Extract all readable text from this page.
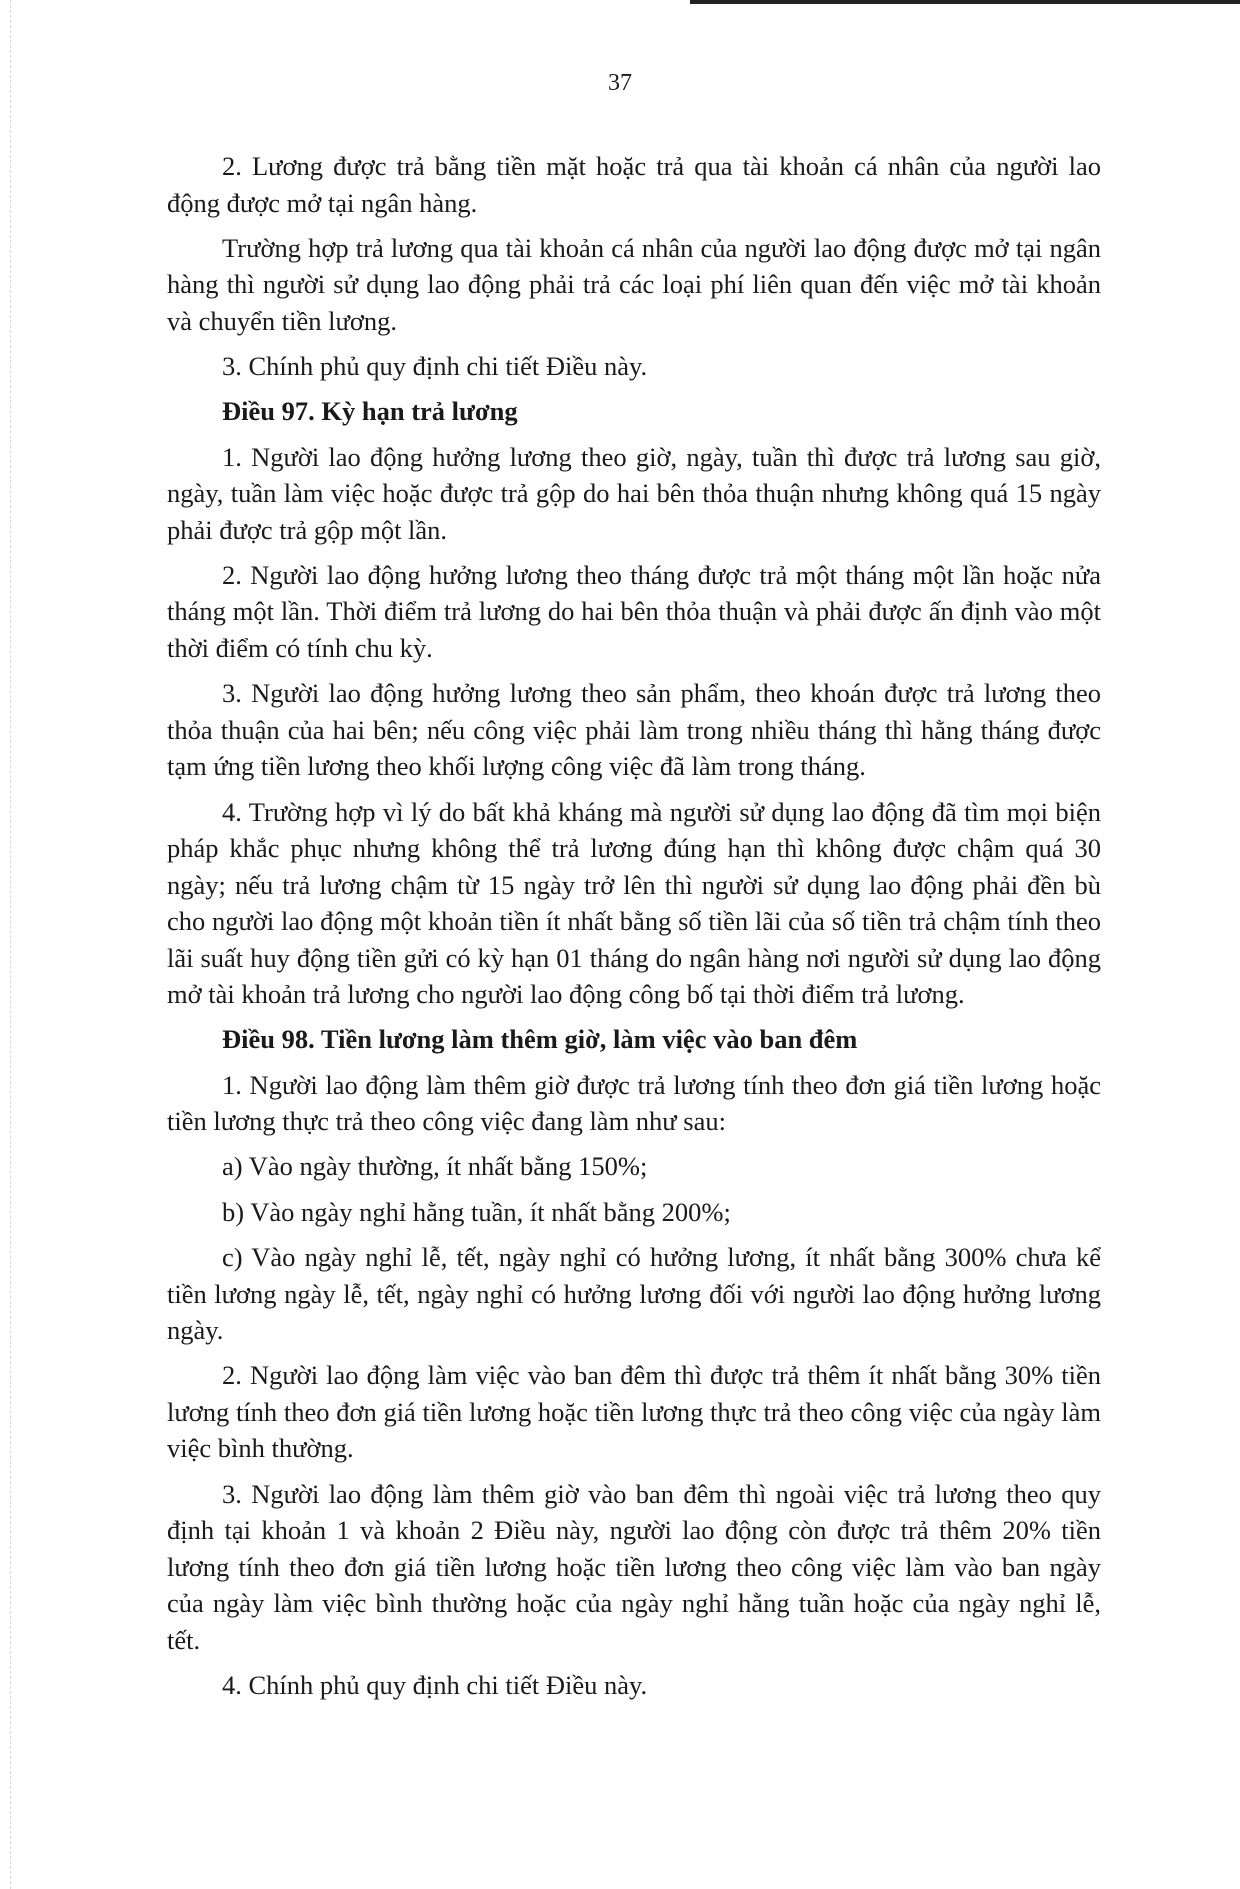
37

2. Lương được trả bằng tiền mặt hoặc trả qua tài khoản cá nhân của người lao động được mở tại ngân hàng.

Trường hợp trả lương qua tài khoản cá nhân của người lao động được mở tại ngân hàng thì người sử dụng lao động phải trả các loại phí liên quan đến việc mở tài khoản và chuyển tiền lương.

3. Chính phủ quy định chi tiết Điều này.

Điều 97. Kỳ hạn trả lương

1. Người lao động hưởng lương theo giờ, ngày, tuần thì được trả lương sau giờ, ngày, tuần làm việc hoặc được trả gộp do hai bên thỏa thuận nhưng không quá 15 ngày phải được trả gộp một lần.

2. Người lao động hưởng lương theo tháng được trả một tháng một lần hoặc nửa tháng một lần. Thời điểm trả lương do hai bên thỏa thuận và phải được ấn định vào một thời điểm có tính chu kỳ.

3. Người lao động hưởng lương theo sản phẩm, theo khoán được trả lương theo thỏa thuận của hai bên; nếu công việc phải làm trong nhiều tháng thì hằng tháng được tạm ứng tiền lương theo khối lượng công việc đã làm trong tháng.

4. Trường hợp vì lý do bất khả kháng mà người sử dụng lao động đã tìm mọi biện pháp khắc phục nhưng không thể trả lương đúng hạn thì không được chậm quá 30 ngày; nếu trả lương chậm từ 15 ngày trở lên thì người sử dụng lao động phải đền bù cho người lao động một khoản tiền ít nhất bằng số tiền lãi của số tiền trả chậm tính theo lãi suất huy động tiền gửi có kỳ hạn 01 tháng do ngân hàng nơi người sử dụng lao động mở tài khoản trả lương cho người lao động công bố tại thời điểm trả lương.

Điều 98. Tiền lương làm thêm giờ, làm việc vào ban đêm

1. Người lao động làm thêm giờ được trả lương tính theo đơn giá tiền lương hoặc tiền lương thực trả theo công việc đang làm như sau:

a) Vào ngày thường, ít nhất bằng 150%;

b) Vào ngày nghỉ hằng tuần, ít nhất bằng 200%;

c) Vào ngày nghỉ lễ, tết, ngày nghỉ có hưởng lương, ít nhất bằng 300% chưa kể tiền lương ngày lễ, tết, ngày nghỉ có hưởng lương đối với người lao động hưởng lương ngày.

2. Người lao động làm việc vào ban đêm thì được trả thêm ít nhất bằng 30% tiền lương tính theo đơn giá tiền lương hoặc tiền lương thực trả theo công việc của ngày làm việc bình thường.

3. Người lao động làm thêm giờ vào ban đêm thì ngoài việc trả lương theo quy định tại khoản 1 và khoản 2 Điều này, người lao động còn được trả thêm 20% tiền lương tính theo đơn giá tiền lương hoặc tiền lương theo công việc làm vào ban ngày của ngày làm việc bình thường hoặc của ngày nghỉ hằng tuần hoặc của ngày nghỉ lễ, tết.

4. Chính phủ quy định chi tiết Điều này.
